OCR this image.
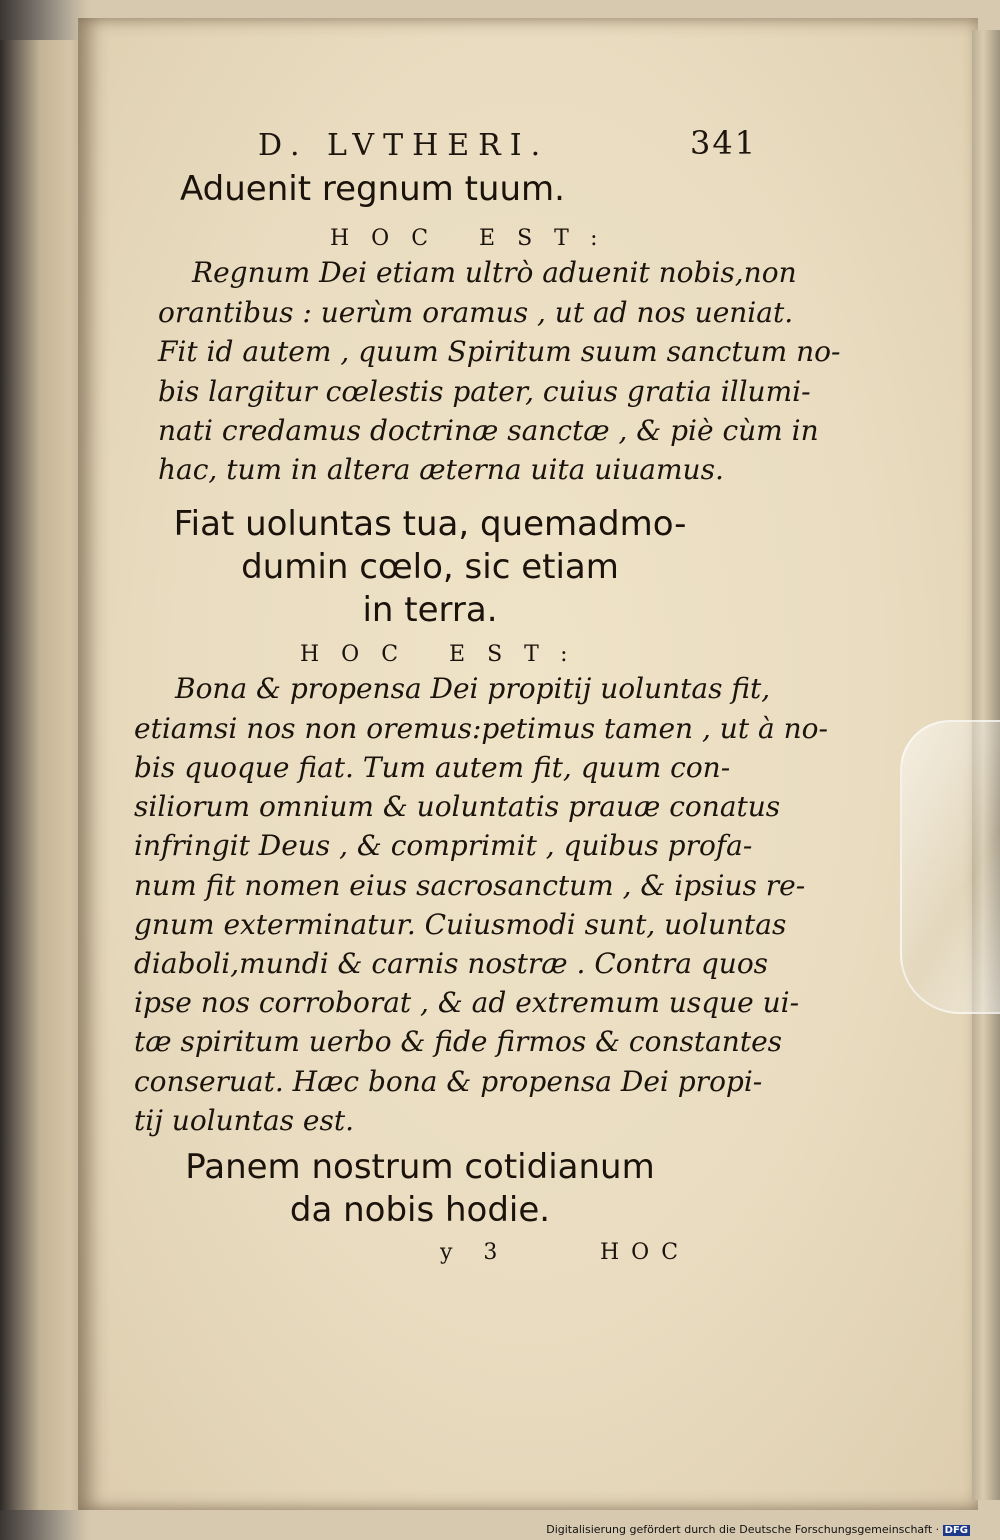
D. LVTHERI.	341
Aduenit regnum tuum.
HOC EST:
Regnum Dei etiam ultrò aduenit nobis,non
orantibus : uerùm oramus , ut ad nos ueniat.
Fit id autem , quum Spiritum suum sanctum no-
bis largitur cœlestis pater, cuius gratia illumi-
nati credamus doctrinæ sanctæ , & piè cùm in
hac, tum in altera æterna uita uiuamus.
Fiat uoluntas tua, quemadmo-
dumin cœlo, sic etiam
in terra.
HOC EST:
Bona & propensa Dei propitij uoluntas fit,
etiamsi nos non oremus:petimus tamen , ut à no-
bis quoque fiat. Tum autem fit, quum con-
siliorum omnium & uoluntatis prauæ conatus
infringit Deus , & comprimit , quibus profa-
num fit nomen eius sacrosanctum , & ipsius re-
gnum exterminatur. Cuiusmodi sunt, uoluntas
diaboli,mundi & carnis nostræ . Contra quos
ipse nos corroborat , & ad extremum usque ui-
tæ spiritum uerbo & fide firmos & constantes
conseruat. Hæc bona & propensa Dei propi-
tij uoluntas est.
Panem nostrum cotidianum
da nobis hodie.
y 3	HOC
Digitalisierung gefördert durch die Deutsche Forschungsgemeinschaft · DFG
